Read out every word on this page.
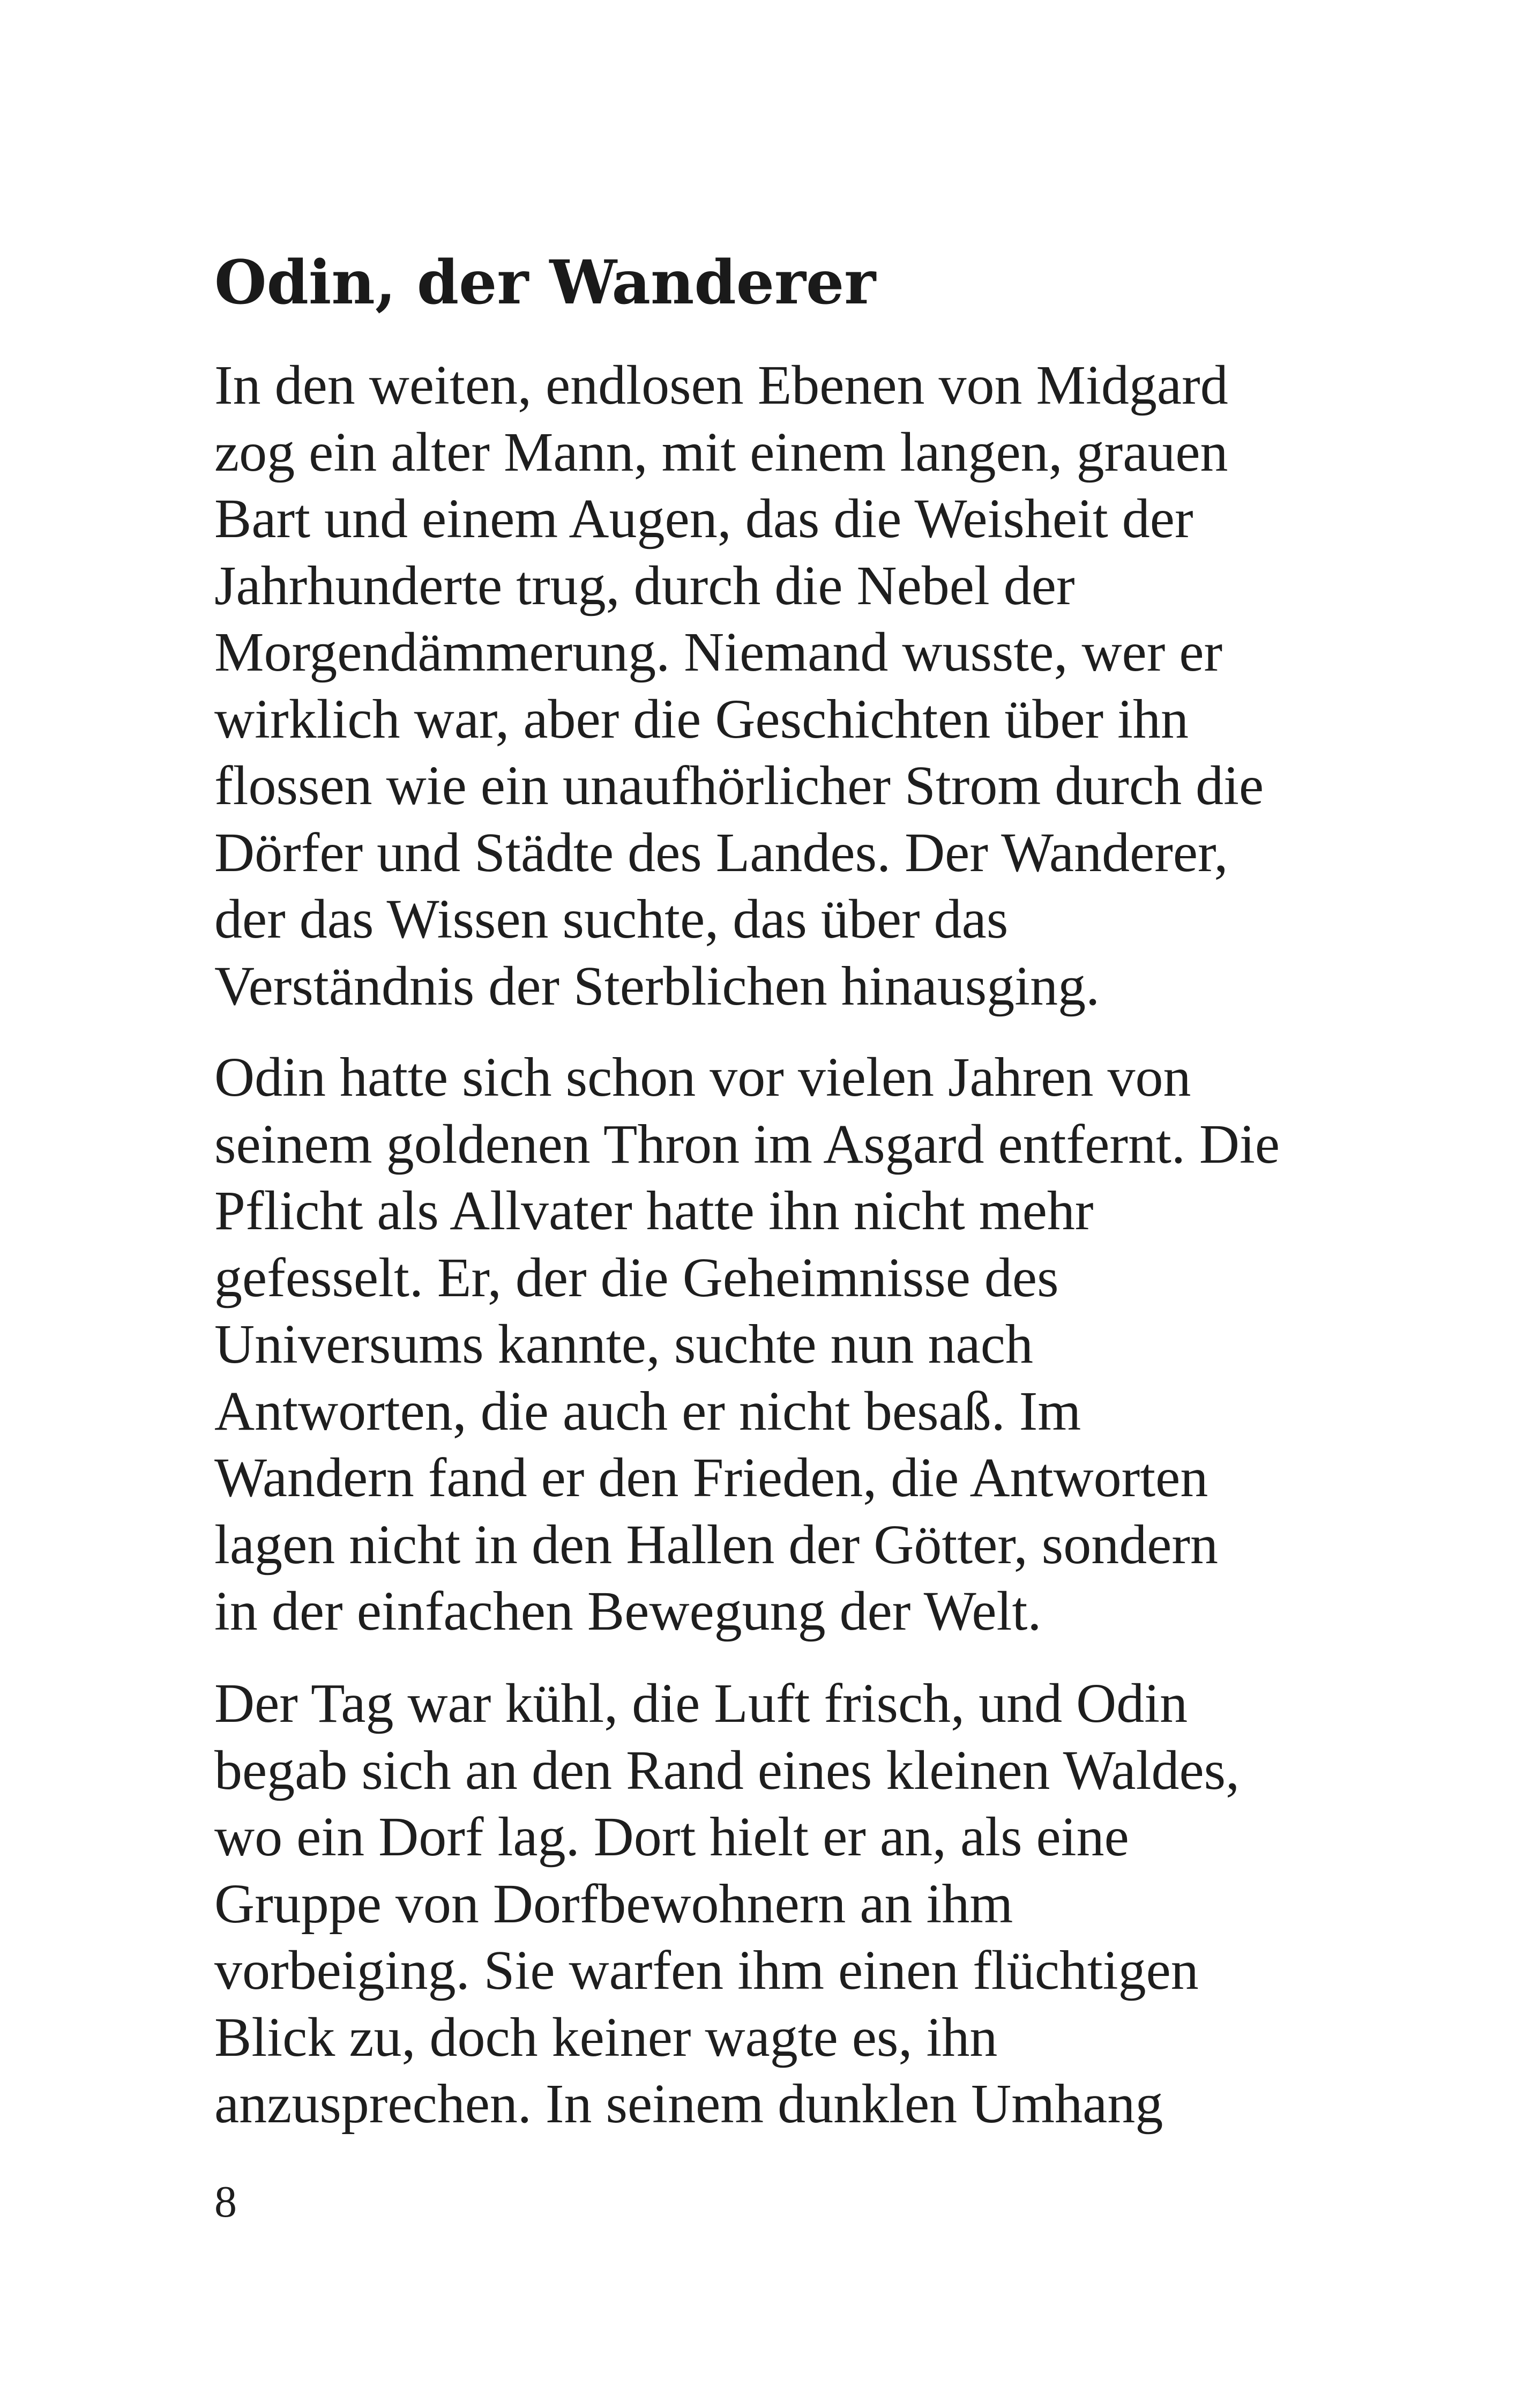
Odin, der Wanderer

In den weiten, endlosen Ebenen von Midgard
zog ein alter Mann, mit einem langen, grauen
Bart und einem Augen, das die Weisheit der
Jahrhunderte trug, durch die Nebel der
Morgendämmerung. Niemand wusste, wer er
wirklich war, aber die Geschichten über ihn
flossen wie ein unaufhörlicher Strom durch die
Dörfer und Städte des Landes. Der Wanderer,
der das Wissen suchte, das über das
Verständnis der Sterblichen hinausging.

Odin hatte sich schon vor vielen Jahren von
seinem goldenen Thron im Asgard entfernt. Die
Pflicht als Allvater hatte ihn nicht mehr
gefesselt. Er, der die Geheimnisse des
Universums kannte, suchte nun nach
Antworten, die auch er nicht besaß. Im
Wandern fand er den Frieden, die Antworten
lagen nicht in den Hallen der Götter, sondern
in der einfachen Bewegung der Welt.

Der Tag war kühl, die Luft frisch, und Odin
begab sich an den Rand eines kleinen Waldes,
wo ein Dorf lag. Dort hielt er an, als eine
Gruppe von Dorfbewohnern an ihm
vorbeiging. Sie warfen ihm einen flüchtigen
Blick zu, doch keiner wagte es, ihn
anzusprechen. In seinem dunklen Umhang

8
